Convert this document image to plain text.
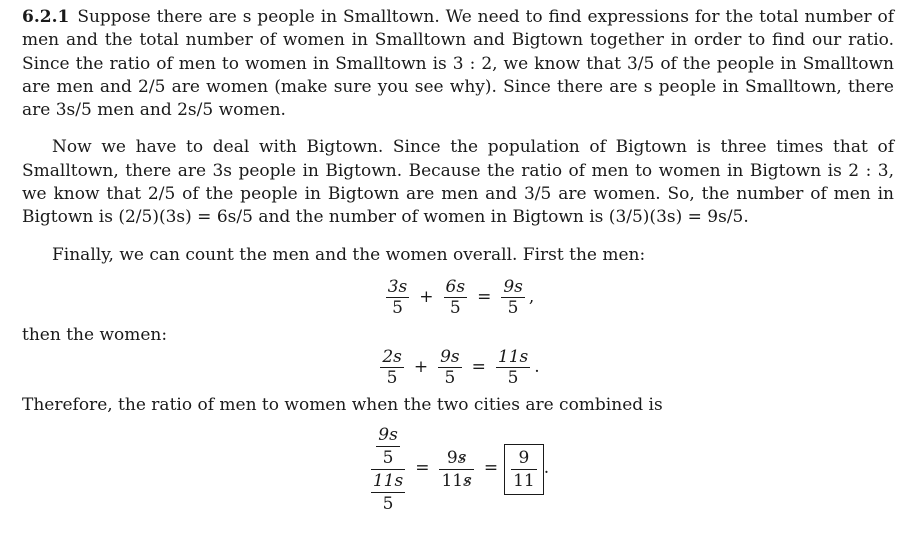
6.2.1 Suppose there are s people in Smalltown. We need to find expressions for the total number of men and the total number of women in Smalltown and Bigtown together in order to find our ratio. Since the ratio of men to women in Smalltown is 3 : 2, we know that 3/5 of the people in Smalltown are men and 2/5 are women (make sure you see why). Since there are s people in Smalltown, there are 3s/5 men and 2s/5 women.

Now we have to deal with Bigtown. Since the population of Bigtown is three times that of Smalltown, there are 3s people in Bigtown. Because the ratio of men to women in Bigtown is 2 : 3, we know that 2/5 of the people in Bigtown are men and 3/5 are women. So, the number of men in Bigtown is (2/5)(3s) = 6s/5 and the number of women in Bigtown is (3/5)(3s) = 9s/5.

Finally, we can count the men and the women overall. First the men:

$\frac{3s}{5} + \frac{6s}{5} = \frac{9s}{5}$ ,

then the women:

$\frac{2s}{5} + \frac{9s}{5} = \frac{11s}{5}$ .

Therefore, the ratio of men to women when the two cities are combined is

$\frac{\frac{9s}{5}}{\frac{11s}{5}} = \frac{9s}{11s} = \frac{9}{11}$ .
